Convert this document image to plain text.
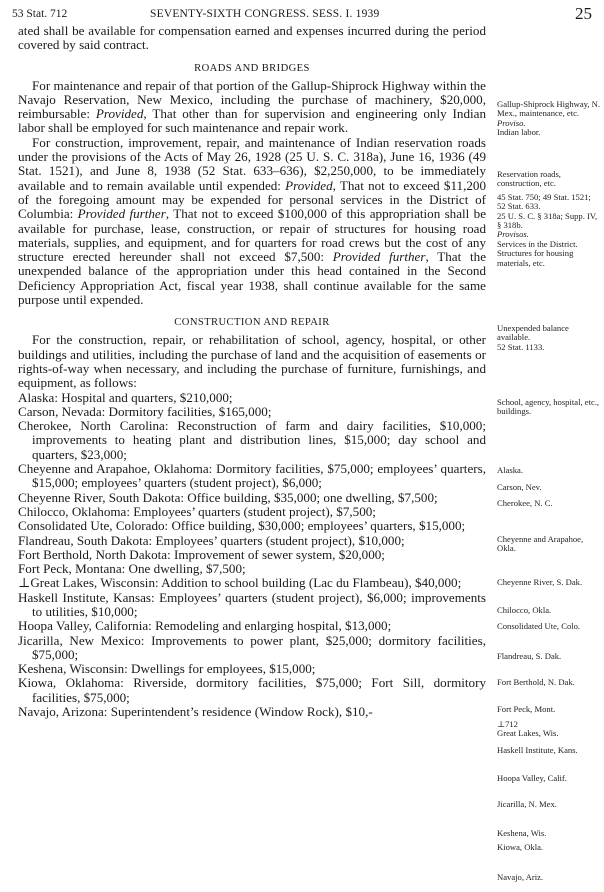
53 Stat. 712	SEVENTY-SIXTH CONGRESS. SESS. I. 1939	25

ated shall be available for compensation earned and expenses incurred during the period covered by said contract.

ROADS AND BRIDGES

For maintenance and repair of that portion of the Gallup-Shiprock Highway within the Navajo Reservation, New Mexico, including the purchase of machinery, $20,000, reimbursable: Provided, That other than for supervision and engineering only Indian labor shall be employed for such maintenance and repair work.

For construction, improvement, repair, and maintenance of Indian reservation roads under the provisions of the Acts of May 26, 1928 (25 U. S. C. 318a), June 16, 1936 (49 Stat. 1521), and June 8, 1938 (52 Stat. 633–636), $2,250,000, to be immediately available and to remain available until expended: Provided, That not to exceed $11,200 of the foregoing amount may be expended for personal services in the District of Columbia: Provided further, That not to exceed $100,000 of this appropriation shall be available for purchase, lease, construction, or repair of structures for housing road materials, supplies, and equipment, and for quarters for road crews but the cost of any structure erected hereunder shall not exceed $7,500: Provided further, That the unexpended balance of the appropriation under this head contained in the Second Deficiency Appropriation Act, fiscal year 1938, shall continue available for the same purpose until expended.

CONSTRUCTION AND REPAIR

For the construction, repair, or rehabilitation of school, agency, hospital, or other buildings and utilities, including the purchase of land and the acquisition of easements or rights-of-way when necessary, and including the purchase of furniture, furnishings, and equipment, as follows:

Alaska: Hospital and quarters, $210,000;

Carson, Nevada: Dormitory facilities, $165,000;

Cherokee, North Carolina: Reconstruction of farm and dairy facilities, $10,000; improvements to heating plant and distribution lines, $15,000; day school and quarters, $23,000;

Cheyenne and Arapahoe, Oklahoma: Dormitory facilities, $75,000; employees’ quarters, $15,000; employees’ quarters (student project), $6,000;

Cheyenne River, South Dakota: Office building, $35,000; one dwelling, $7,500;

Chilocco, Oklahoma: Employees’ quarters (student project), $7,500;

Consolidated Ute, Colorado: Office building, $30,000; employees’ quarters, $15,000;

Flandreau, South Dakota: Employees’ quarters (student project), $10,000;

Fort Berthold, North Dakota: Improvement of sewer system, $20,000;

Fort Peck, Montana: One dwelling, $7,500;

⊥Great Lakes, Wisconsin: Addition to school building (Lac du Flambeau), $40,000;

Haskell Institute, Kansas: Employees’ quarters (student project), $6,000; improvements to utilities, $10,000;

Hoopa Valley, California: Remodeling and enlarging hospital, $13,000;

Jicarilla, New Mexico: Improvements to power plant, $25,000; dormitory facilities, $75,000;

Keshena, Wisconsin: Dwellings for employees, $15,000;

Kiowa, Oklahoma: Riverside, dormitory facilities, $75,000; Fort Sill, dormitory facilities, $75,000;

Navajo, Arizona: Superintendent’s residence (Window Rock), $10,-

Gallup-Shiprock Highway, N. Mex., maintenance, etc.
Proviso.
Indian labor.
Reservation roads, construction, etc.
45 Stat. 750; 49 Stat. 1521; 52 Stat. 633.
25 U. S. C. § 318a; Supp. IV, § 318b.
Provisos.
Services in the District.
Structures for housing materials, etc.
Unexpended balance available.
52 Stat. 1133.
School, agency, hospital, etc., buildings.
Alaska.
Carson, Nev.
Cherokee, N. C.
Cheyenne and Arapahoe, Okla.
Cheyenne River, S. Dak.
Chilocco, Okla.
Consolidated Ute, Colo.
Flandreau, S. Dak.
Fort Berthold, N. Dak.
Fort Peck, Mont.
⊥712
Great Lakes, Wis.
Haskell Institute, Kans.
Hoopa Valley, Calif.
Jicarilla, N. Mex.
Keshena, Wis.
Kiowa, Okla.
Navajo, Ariz.
